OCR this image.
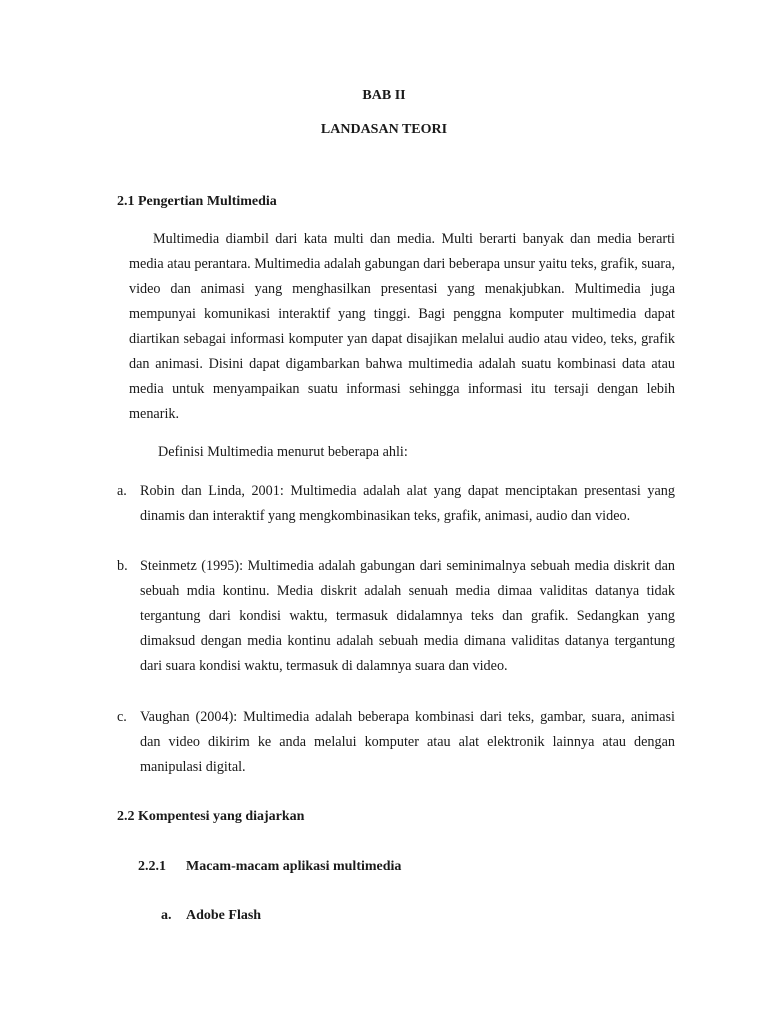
BAB II
LANDASAN TEORI
2.1 Pengertian Multimedia

Multimedia diambil dari kata multi dan media. Multi berarti banyak dan media berarti media atau perantara. Multimedia adalah gabungan dari beberapa unsur yaitu teks, grafik, suara, video dan animasi yang menghasilkan presentasi yang menakjubkan. Multimedia juga mempunyai komunikasi interaktif yang tinggi. Bagi penggna komputer multimedia dapat diartikan sebagai informasi komputer yan dapat disajikan melalui audio atau video, teks, grafik dan animasi. Disini dapat digambarkan bahwa multimedia adalah suatu kombinasi data atau media untuk menyampaikan suatu informasi sehingga informasi itu tersaji dengan lebih menarik.

Definisi Multimedia menurut beberapa ahli:

a. Robin dan Linda, 2001: Multimedia adalah alat yang dapat menciptakan presentasi yang dinamis dan interaktif yang mengkombinasikan teks, grafik, animasi, audio dan video.

b. Steinmetz (1995): Multimedia adalah gabungan dari seminimalnya sebuah media diskrit dan sebuah mdia kontinu. Media diskrit adalah senuah media dimaa validitas datanya tidak tergantung dari kondisi waktu, termasuk didalamnya teks dan grafik. Sedangkan yang dimaksud dengan media kontinu adalah sebuah media dimana validitas datanya tergantung dari suara kondisi waktu, termasuk di dalamnya suara dan video.

c. Vaughan (2004): Multimedia adalah beberapa kombinasi dari teks, gambar, suara, animasi dan video dikirim ke anda melalui komputer atau alat elektronik lainnya atau dengan manipulasi digital.

2.2 Kompentesi yang diajarkan
2.2.1 Macam-macam aplikasi multimedia
a. Adobe Flash
